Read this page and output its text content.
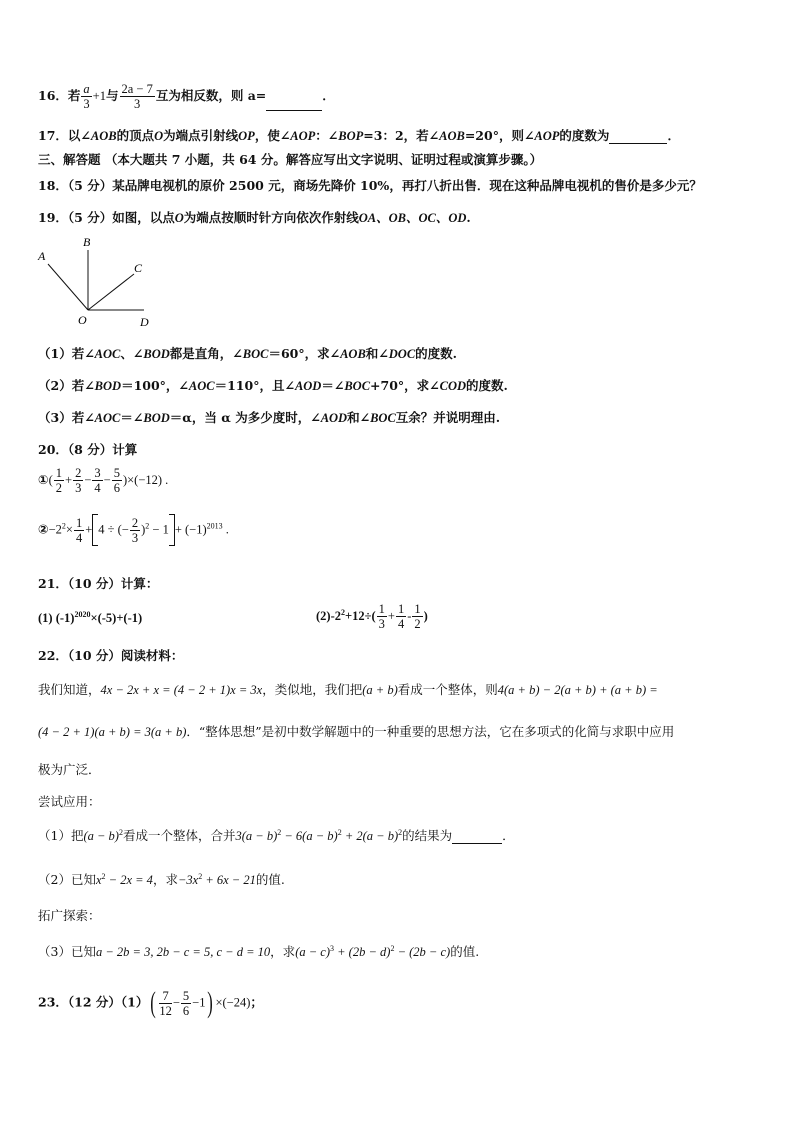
16．若 $\frac{a}{3} +1$与 $\frac{2a - 7}{3}$ 互为相反数，则 a=	．
17．以∠AOB的顶点O为端点引射线OP，使∠AOP：∠BOP=3：2，若∠AOB=20°，则∠AOP的度数为	．
三、解答题 （本大题共 7 小题，共 64 分。解答应写出文字说明、证明过程或演算步骤。）
18．（5 分）某品牌电视机的原价 2500 元，商场先降价 10%，再打八折出售．现在这种品牌电视机的售价是多少元？
19．（5 分）如图，以点O为端点按顺时针方向依次作射线OA、OB、OC、OD.
A
B
C
O	D
（1）若∠AOC、∠BOD都是直角，∠BOC＝60°，求∠AOB和∠DOC的度数.
（2）若∠BOD＝100°，∠AOC＝110°，且∠AOD＝∠BOC+70°，求∠COD的度数.
（3）若∠AOC＝∠BOD＝α，当 α 为多少度时，∠AOD和∠BOC互余？并说明理由.
20．（8 分）计算
①( $\frac{1}{2} + \frac{2}{3} - \frac{3}{4} - \frac{5}{6} )\times(-12)$ .
$②-2^2\times \frac{1}{4} + 4$ ÷ (− $\frac{2}{3} )^2 - 1 + (-1)^{2013}$ .
21．（10 分）计算：
(1) $(-1)^{2020}\times(-5)+(-1)$	$(2)-2^2+12\div( \frac{1}{3} + \frac{1}{4} - \frac{1}{2}$ )
22．（10 分）阅读材料：
我们知道，4x − 2x + x = (4 − 2 + 1)x = 3x，类似地，我们把(a + b)看成一个整体，则4(a + b) − 2(a + b) + (a + b) =
(4 − 2 + 1)(a + b) = 3(a + b)．“整体思想”是初中数学解题中的一种重要的思想方法，它在多项式的化简与求职中应用
极为广泛．
尝试应用：
（1）把$(a - b)^2$看成一个整体，合并$3(a - b)^2 - 6(a - b)^2 + 2(a - b)^2$的结果为	．
（2）已知$x^2 - 2x = 4$，求$-3x^2 + 6x - 21$的值.
拓广探索：
（3）已知a − 2b = 3, 2b − c = 5, c − d = 10，求$(a - c)^3 + (2b - d)^2 - (2b - c)$的值.
23．（12 分）$(1)( \frac{7}{12} - \frac{5}{6} -1) \times(-24)$；
